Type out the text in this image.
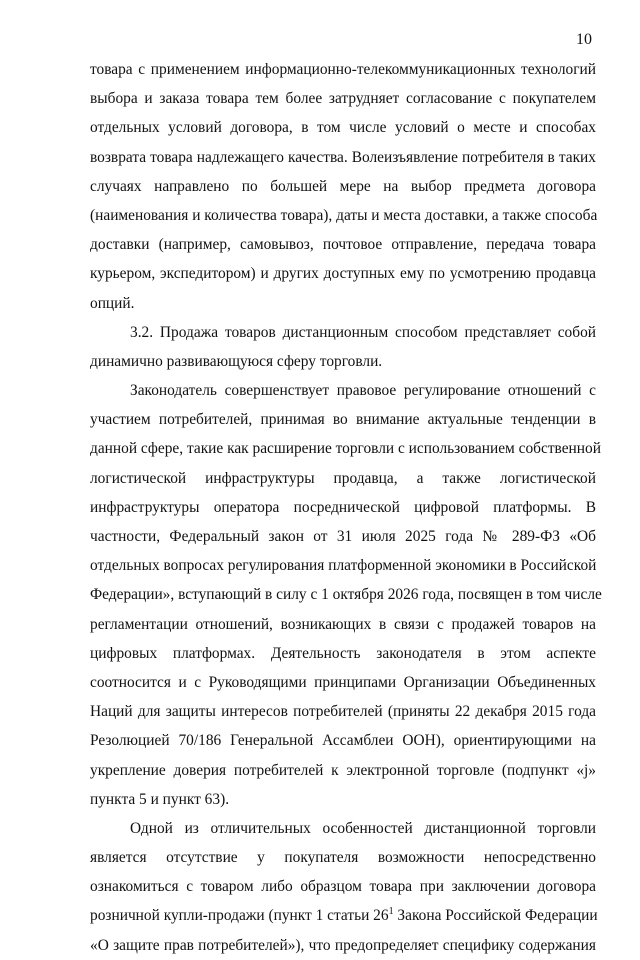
10
товара с применением информационно-телекоммуникационных технологий
выбора и заказа товара тем более затрудняет согласование с покупателем
отдельных условий договора, в том числе условий о месте и способах
возврата товара надлежащего качества. Волеизъявление потребителя в таких
случаях направлено по большей мере на выбор предмета договора
(наименования и количества товара), даты и места доставки, а также способа
доставки (например, самовывоз, почтовое отправление, передача товара
курьером, экспедитором) и других доступных ему по усмотрению продавца
опций.
3.2. Продажа товаров дистанционным способом представляет собой
динамично развивающуюся сферу торговли.
Законодатель совершенствует правовое регулирование отношений с
участием потребителей, принимая во внимание актуальные тенденции в
данной сфере, такие как расширение торговли с использованием собственной
логистической инфраструктуры продавца, а также логистической
инфраструктуры оператора посреднической цифровой платформы. В
частности, Федеральный закон от 31 июля 2025 года № 289-ФЗ «Об
отдельных вопросах регулирования платформенной экономики в Российской
Федерации», вступающий в силу с 1 октября 2026 года, посвящен в том числе
регламентации отношений, возникающих в связи с продажей товаров на
цифровых платформах. Деятельность законодателя в этом аспекте
соотносится и с Руководящими принципами Организации Объединенных
Наций для защиты интересов потребителей (приняты 22 декабря 2015 года
Резолюцией 70/186 Генеральной Ассамблеи ООН), ориентирующими на
укрепление доверия потребителей к электронной торговле (подпункт «j»
пункта 5 и пункт 63).
Одной из отличительных особенностей дистанционной торговли
является отсутствие у покупателя возможности непосредственно
ознакомиться с товаром либо образцом товара при заключении договора
розничной купли-продажи (пункт 1 статьи $26^1$ Закона Российской Федерации
«О защите прав потребителей»), что предопределяет специфику содержания
